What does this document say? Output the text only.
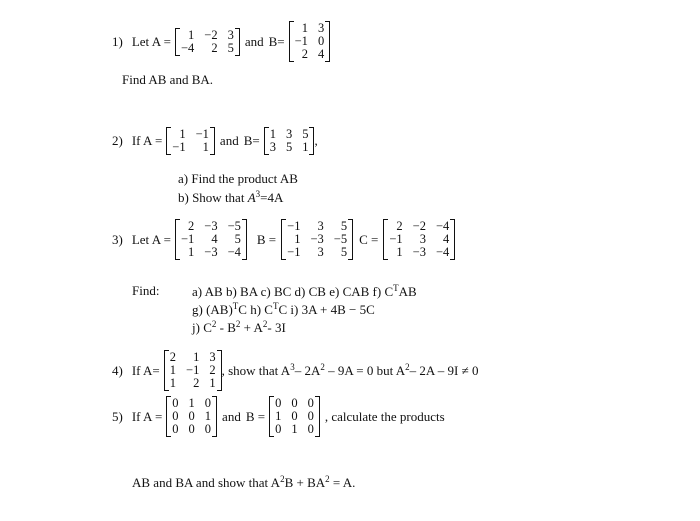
1) Let A =	1 −2 3
−4	2 5 and B=
1 3
−1 0
2 4
Find AB and BA.
2) If A =	1 −1
−1	1 and B= 1 3 5
3 5 1 ,
a) Find the product AB
b) Show that $A^3=4A$
3) Let A =
2 −3 −5
−1	4	5
1 −3 −4
B =
−1	3	5
1 −3 −5
−1	3	5
C =
2 −2 −4
−1	3	4
1 −3 −4
Find:	a) AB b) BA c) BC d) CB e) CAB f) $C^TAB$
g) (AB)$^T$C h) $C^TC$ i) 3A + 4B − 5C
j) $C^2 - B^2 + A^2-$ 3I
4) If A=
2	1 3
1 −1 2
1	2 1
, show that $A^3-$ $2A^2 - 9A = 0$ but $A^2-$ 2A – 9I ≠ 0
5) If A =
0 1 0
0 0 1
0 0 0
and B =
0 0 0
1 0 0
0 1 0
, calculate the products
AB and BA and show that $A^2B + BA^2 = A$.
